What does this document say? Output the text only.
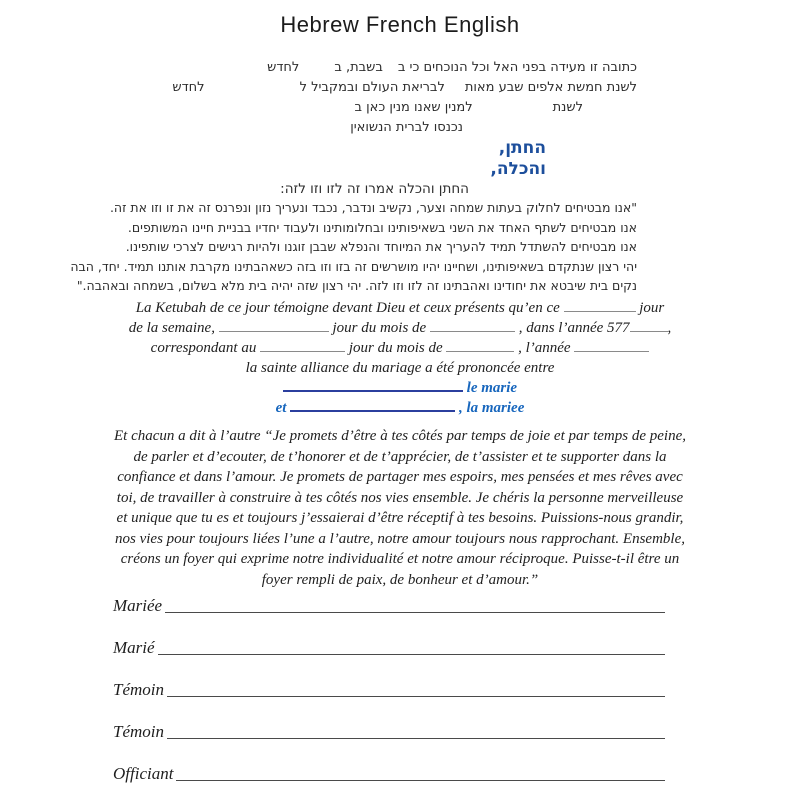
Hebrew French English
כתובה זו מעידה בפני האל וכל הנוכחים כי בבשבת, בלחדש
לשנת חמשת אלפים שבע מאותלבריאת העולם ובמקביל ללחדש
לשנתלמנין שאנו מנין כאן ב
נכנסו לברית הנשואין
החתן,
והכלה,
החתן והכלה אמרו זה לזו וזו לזה:
"אנו מבטיחים לחלוק בעתות שמחה וצער, נקשיב ונדבר, נכבד ונעריך נזון ונפרנס זה את זו וזו את זה.
אנו מבטיחים לשתף האחד את השני בשאיפותינו ובחלומותינו ולעבוד יחדיו בבניית חיינו המשותפים.
אנו מבטיחים להשתדל תמיד להעריך את המיוחד והנפלא שבבן זוגנו ולהיות רגישים לצרכי שותפינו.
יהי רצון שנתקדם בשאיפותינו, ושחיינו יהיו מושרשים זה בזו וזו בזה כשאהבתינו מקרבת אותנו תמיד. יחד, הבה
נקים בית שיבטא את יחודינו ואהבתינו זה לזו וזו לזה. יהי רצון שזה יהיה בית מלא בשלום, בשמחה ובאהבה."
La Ketubah de ce jour témoigne devant Dieu et ceux présents qu’en ce	jour
de la semaine,	jour du mois de	, dans l’année 577	,
correspondant au	jour du mois de	, l’année
la sainte alliance du mariage a été prononcée entre
le marie
et	, la mariee
Et chacun a dit à l’autre “Je promets d’être à tes côtés par temps de joie et par temps de peine,
de parler et d’ecouter, de t’honorer et de t’apprécier, de t’assister et te supporter dans la
confiance et dans l’amour. Je promets de partager mes espoirs, mes pensées et mes rêves avec
toi, de travailler à construire à tes côtés nos vies ensemble. Je chéris la personne merveilleuse
et unique que tu es et toujours j’essaierai d’être réceptif à tes besoins. Puissions-nous grandir,
nos vies pour toujours liées l’une a l’autre, notre amour toujours nous rapprochant. Ensemble,
créons un foyer qui exprime notre individualité et notre amour réciproque. Puisse-t-il être un
foyer rempli de paix, de bonheur et d’amour.”
Mariée
Marié
Témoin
Témoin
Officiant
